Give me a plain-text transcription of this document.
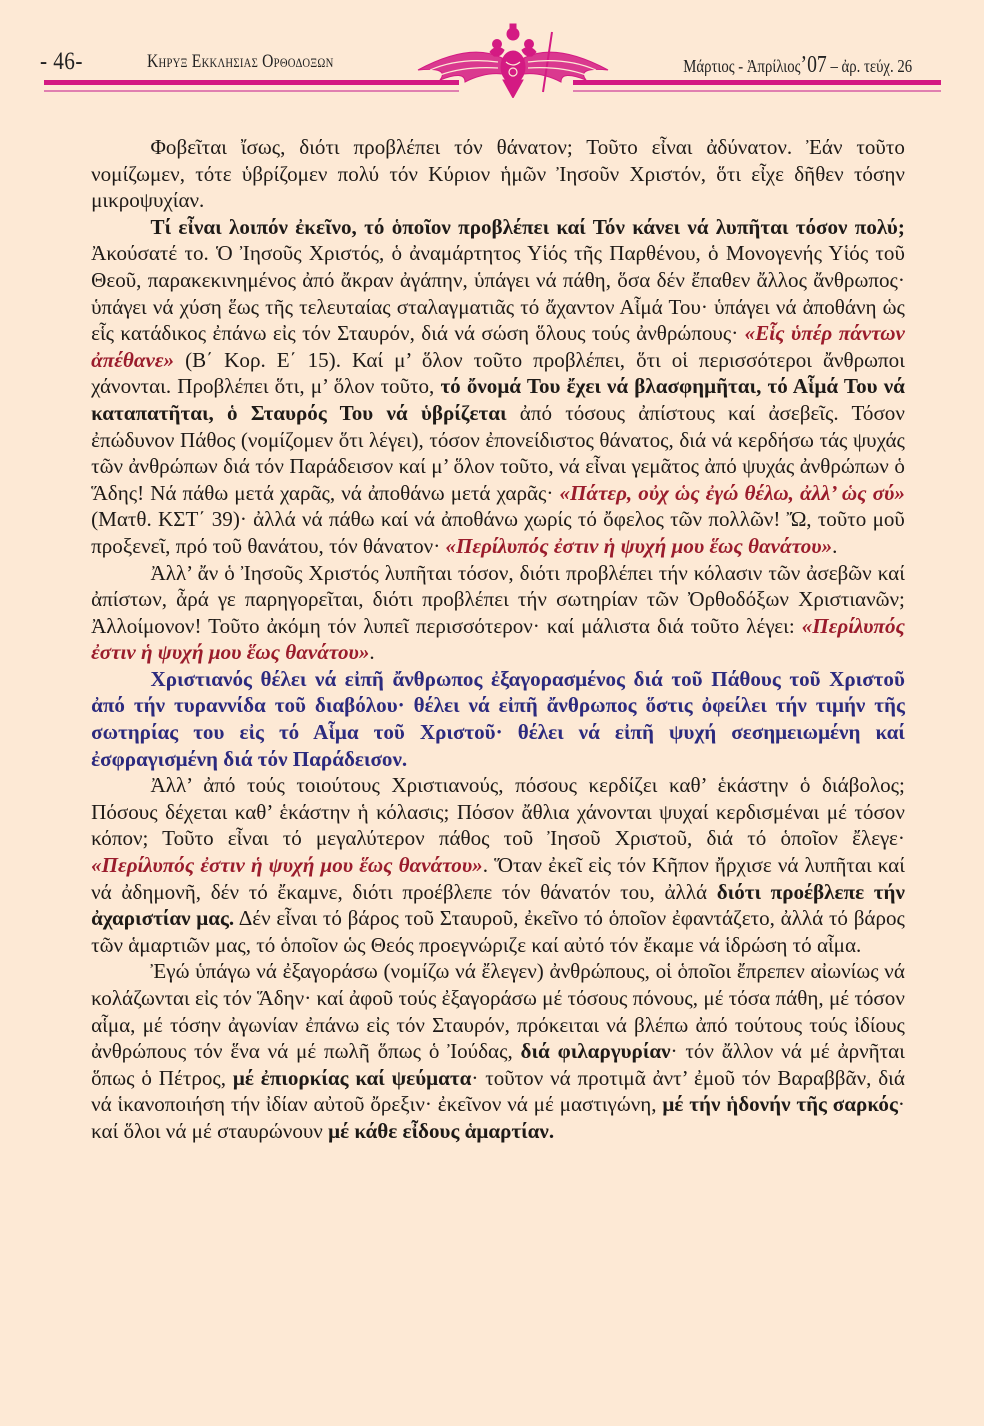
- 46-	Κηρυξ Εκκλησιας Ορθοδοξων	Μάρτιος - Ἀπρίλιος’07 – ἀρ. τεύχ. 26

Φοβεῖται ἴσως, διότι προβλέπει τόν θάνατον; Τοῦτο εἶναι ἀδύνατον. Ἐάν τοῦτο νομίζωμεν, τότε ὑβρίζομεν πολύ τόν Κύριον ἡμῶν Ἰησοῦν Χριστόν, ὅτι εἶχε δῆθεν τόσην μικροψυχίαν.

Τί εἶναι λοιπόν ἐκεῖνο, τό ὁποῖον προβλέπει καί Τόν κάνει νά λυπῆται τόσον πολύ; Ἀκούσατέ το. Ὁ Ἰησοῦς Χριστός, ὁ ἀναμάρτητος Υἱός τῆς Παρθένου, ὁ Μονογενής Υἱός τοῦ Θεοῦ, παρακεκινημένος ἀπό ἄκραν ἀγάπην, ὑπάγει νά πάθη, ὅσα δέν ἔπαθεν ἄλλος ἄνθρωπος· ὑπάγει νά χύση ἕως τῆς τελευταίας σταλαγματιᾶς τό ἄχαντον Αἷμά Του· ὑπάγει νά ἀποθάνη ὡς εἷς κατάδικος ἐπάνω εἰς τόν Σταυρόν, διά νά σώση ὅλους τούς ἀνθρώπους· «Εἷς ὑπέρ πάντων ἀπέθανε» (Β΄ Κορ. Ε΄ 15). Καί μ’ ὅλον τοῦτο προβλέπει, ὅτι οἱ περισσότεροι ἄνθρωποι χάνονται. Προβλέπει ὅτι, μ’ ὅλον τοῦτο, τό ὄνομά Του ἔχει νά βλασφημῆται, τό Αἷμά Του νά καταπατῆται, ὁ Σταυρός Του νά ὑβρίζεται ἀπό τόσους ἀπίστους καί ἀσεβεῖς. Τόσον ἐπώδυνον Πάθος (νομίζομεν ὅτι λέγει), τόσον ἐπονείδιστος θάνατος, διά νά κερδήσω τάς ψυχάς τῶν ἀνθρώπων διά τόν Παράδεισον καί μ’ ὅλον τοῦτο, νά εἶναι γεμᾶτος ἀπό ψυχάς ἀνθρώπων ὁ Ἅδης! Νά πάθω μετά χαρᾶς, νά ἀποθάνω μετά χαρᾶς· «Πάτερ, οὐχ ὡς ἐγώ θέλω, ἀλλ’ ὡς σύ» (Ματθ. ΚΣΤ΄ 39)· ἀλλά νά πάθω καί νά ἀποθάνω χωρίς τό ὄφελος τῶν πολλῶν! Ὤ, τοῦτο μοῦ προξενεῖ, πρό τοῦ θανάτου, τόν θάνατον· «Περίλυπός ἐστιν ἡ ψυχή μου ἕως θανάτου».

Ἀλλ’ ἄν ὁ Ἰησοῦς Χριστός λυπῆται τόσον, διότι προβλέπει τήν κόλασιν τῶν ἀσεβῶν καί ἀπίστων, ἆρά γε παρηγορεῖται, διότι προβλέπει τήν σωτηρίαν τῶν Ὀρθοδόξων Χριστιανῶν; Ἀλλοίμονον! Τοῦτο ἀκόμη τόν λυπεῖ περισσότερον· καί μάλιστα διά τοῦτο λέγει: «Περίλυπός ἐστιν ἡ ψυχή μου ἕως θανάτου».

Χριστιανός θέλει νά εἰπῆ ἄνθρωπος ἐξαγορασμένος διά τοῦ Πάθους τοῦ Χριστοῦ ἀπό τήν τυραννίδα τοῦ διαβόλου· θέλει νά εἰπῆ ἄνθρωπος ὅστις ὀφείλει τήν τιμήν τῆς σωτηρίας του εἰς τό Αἷμα τοῦ Χριστοῦ· θέλει νά εἰπῆ ψυχή σεσημειωμένη καί ἐσφραγισμένη διά τόν Παράδεισον.

Ἀλλ’ ἀπό τούς τοιούτους Χριστιανούς, πόσους κερδίζει καθ’ ἑκάστην ὁ διάβολος; Πόσους δέχεται καθ’ ἑκάστην ἡ κόλασις; Πόσον ἄθλια χάνονται ψυχαί κερδισμέναι μέ τόσον κόπον; Τοῦτο εἶναι τό μεγαλύτερον πάθος τοῦ Ἰησοῦ Χριστοῦ, διά τό ὁποῖον ἔλεγε· «Περίλυπός ἐστιν ἡ ψυχή μου ἕως θανάτου». Ὅταν ἐκεῖ εἰς τόν Κῆπον ἤρχισε νά λυπῆται καί νά ἀδημονῆ, δέν τό ἔκαμνε, διότι προέβλεπε τόν θάνατόν του, ἀλλά διότι προέβλεπε τήν ἀχαριστίαν μας. Δέν εἶναι τό βάρος τοῦ Σταυροῦ, ἐκεῖνο τό ὁποῖον ἐφαντάζετο, ἀλλά τό βάρος τῶν ἁμαρτιῶν μας, τό ὁποῖον ὡς Θεός προεγνώριζε καί αὐτό τόν ἔκαμε νά ἱδρώση τό αἷμα.

Ἐγώ ὑπάγω νά ἐξαγοράσω (νομίζω νά ἔλεγεν) ἀνθρώπους, οἱ ὁποῖοι ἔπρεπεν αἰωνίως νά κολάζωνται εἰς τόν Ἅδην· καί ἀφοῦ τούς ἐξαγοράσω μέ τόσους πόνους, μέ τόσα πάθη, μέ τόσον αἷμα, μέ τόσην ἀγωνίαν ἐπάνω εἰς τόν Σταυρόν, πρόκειται νά βλέπω ἀπό τούτους τούς ἰδίους ἀνθρώπους τόν ἕνα νά μέ πωλῆ ὅπως ὁ Ἰούδας, διά φιλαργυρίαν· τόν ἄλλον νά μέ ἀρνῆται ὅπως ὁ Πέτρος, μέ ἐπιορκίας καί ψεύματα· τοῦτον νά προτιμᾶ ἀντ’ ἐμοῦ τόν Βαραββᾶν, διά νά ἱκανοποιήση τήν ἰδίαν αὐτοῦ ὄρεξιν· ἐκεῖνον νά μέ μαστιγώνη, μέ τήν ἡδονήν τῆς σαρκός· καί ὅλοι νά μέ σταυρώνουν μέ κάθε εἶδους ἁμαρτίαν.
